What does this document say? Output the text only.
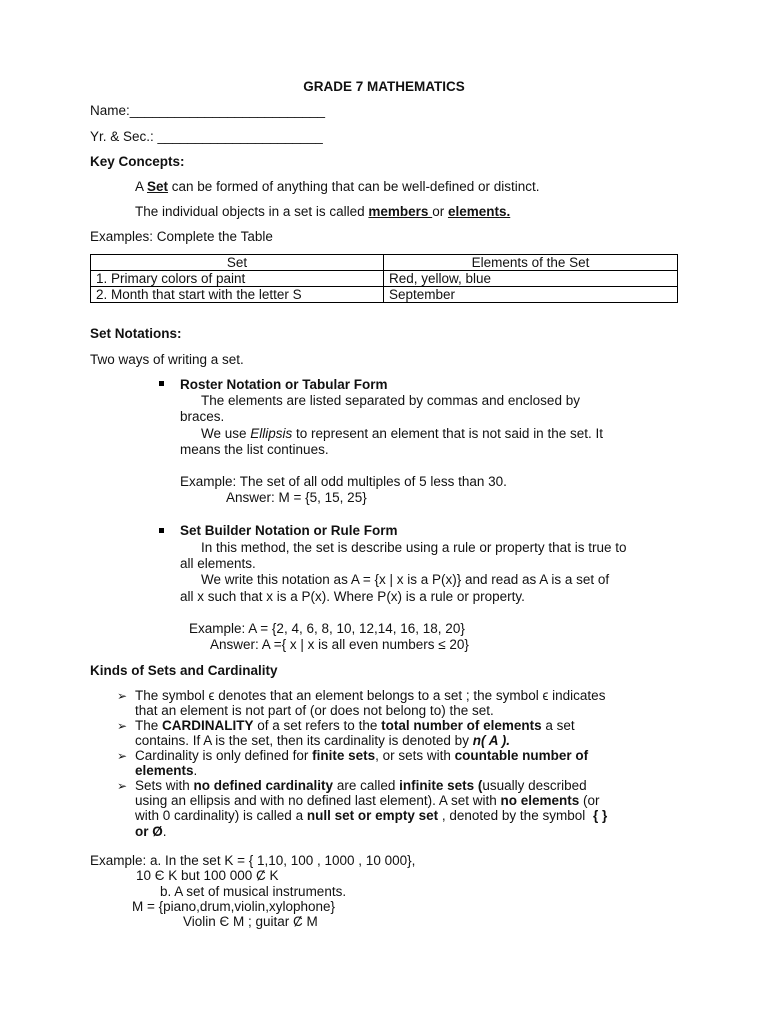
GRADE 7 MATHEMATICS
Name:__________________________
Yr. & Sec.: ______________________
Key Concepts:
A Set can be formed of anything that can be well-defined or distinct.
The individual objects in a set is called members or elements.
Examples: Complete the Table
Set	Elements of the Set
1. Primary colors of paint	Red, yellow, blue
2. Month that start with the letter S	September
Set Notations:
Two ways of writing a set.
Roster Notation or Tabular Form
The elements are listed separated by commas and enclosed by
braces.
We use Ellipsis to represent an element that is not said in the set. It
means the list continues.
Example: The set of all odd multiples of 5 less than 30.
Answer: M = {5, 15, 25}
Set Builder Notation or Rule Form
In this method, the set is describe using a rule or property that is true to
all elements.
We write this notation as A = {x | x is a P(x)} and read as A is a set of
all x such that x is a P(x). Where P(x) is a rule or property.
Example: A = {2, 4, 6, 8, 10, 12,14, 16, 18, 20}
Answer: A ={ x | x is all even numbers ≤ 20}
Kinds of Sets and Cardinality
➢ The symbol ϵ denotes that an element belongs to a set ; the symbol ϵ indicates
that an element is not part of (or does not belong to) the set.
➢ The CARDINALITY of a set refers to the total number of elements a set
contains. If A is the set, then its cardinality is denoted by n( A ).
➢ Cardinality is only defined for finite sets, or sets with countable number of
elements.
➢ Sets with no defined cardinality are called infinite sets (usually described
using an ellipsis and with no defined last element). A set with no elements (or
with 0 cardinality) is called a null set or empty set , denoted by the symbol { }
or Ø.
Example: a. In the set K = { 1,10, 100 , 1000 , 10 000},
10 Є K but 100 000 Ȼ K
b. A set of musical instruments.
M = {piano,drum,violin,xylophone}
Violin Є M ; guitar Ȼ M
